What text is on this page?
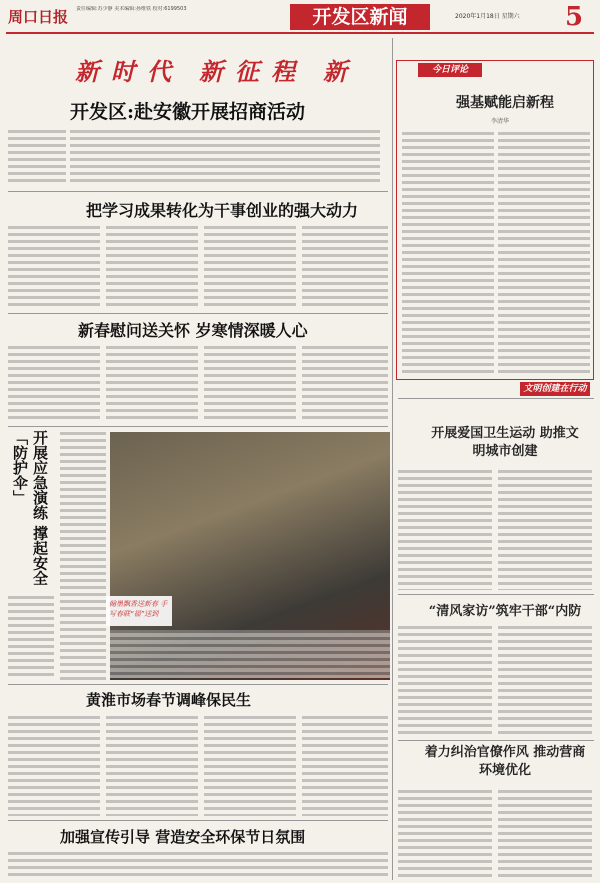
周口日报 责任编辑:苏少静 美术编辑:孙维铁 校对:6199503	开发区新闻	2020年1月18日 星期六	5
新 时 代 新 征 程 新
开发区:赴安徽开展招商活动
把学习成果转化为干事创业的强大动力
新春慰问送关怀 岁寒情深暖人心
开展应急演练 撑起安全「防护伞」
翰墨飘香送新春 手写春联“福”送到
黄淮市场春节调峰保民生
加强宣传引导 营造安全环保节日氛围
今日评论
强基赋能启新程
李清华
文明创建在行动
开展爱国卫生运动 助推文明城市创建
“清风家访”筑牢干部“内防
着力纠治官僚作风 推动营商环境优化
